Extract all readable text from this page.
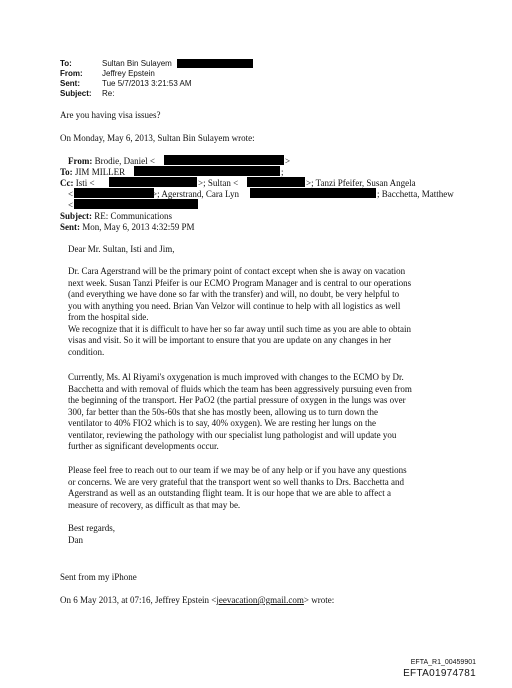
To:	Sultan Bin Sulayem
From: Jeffrey Epstein
Sent:	Tue 5/7/2013 3:21:53 AM
Subject: Re:
Are you having visa issues?
On Monday, May 6, 2013, Sultan Bin Sulayem wrote:
From: Brodie, Daniel <	>
To: JIM MILLER	;
Cc: Isti <	>; Sultan <	>; Tanzi Pfeifer, Susan Angela
<	>; Agerstrand, Cara Lyn	; Bacchetta, Matthew
<
Subject: RE: Communications
Sent: Mon, May 6, 2013 4:32:59 PM
Dear Mr. Sultan, Isti and Jim,
Dr. Cara Agerstrand will be the primary point of contact except when she is away on vacation
next week. Susan Tanzi Pfeifer is our ECMO Program Manager and is central to our operations
(and everything we have done so far with the transfer) and will, no doubt, be very helpful to
you with anything you need. Brian Van Velzor will continue to help with all logistics as well
from the hospital side.
We recognize that it is difficult to have her so far away until such time as you are able to obtain
visas and visit. So it will be important to ensure that you are update on any changes in her
condition.
Currently, Ms. Al Riyami's oxygenation is much improved with changes to the ECMO by Dr.
Bacchetta and with removal of fluids which the team has been aggressively pursuing even from
the beginning of the transport. Her PaO2 (the partial pressure of oxygen in the lungs was over
300, far better than the 50s-60s that she has mostly been, allowing us to turn down the
ventilator to 40% FIO2 which is to say, 40% oxygen). We are resting her lungs on the
ventilator, reviewing the pathology with our specialist lung pathologist and will update you
further as significant developments occur.
Please feel free to reach out to our team if we may be of any help or if you have any questions
or concerns. We are very grateful that the transport went so well thanks to Drs. Bacchetta and
Agerstrand as well as an outstanding flight team. It is our hope that we are able to affect a
measure of recovery, as difficult as that may be.
Best regards,
Dan
Sent from my iPhone
On 6 May 2013, at 07:16, Jeffrey Epstein <jeevacation@gmail.com> wrote:
EFTA_R1_00459901
EFTA01974781
